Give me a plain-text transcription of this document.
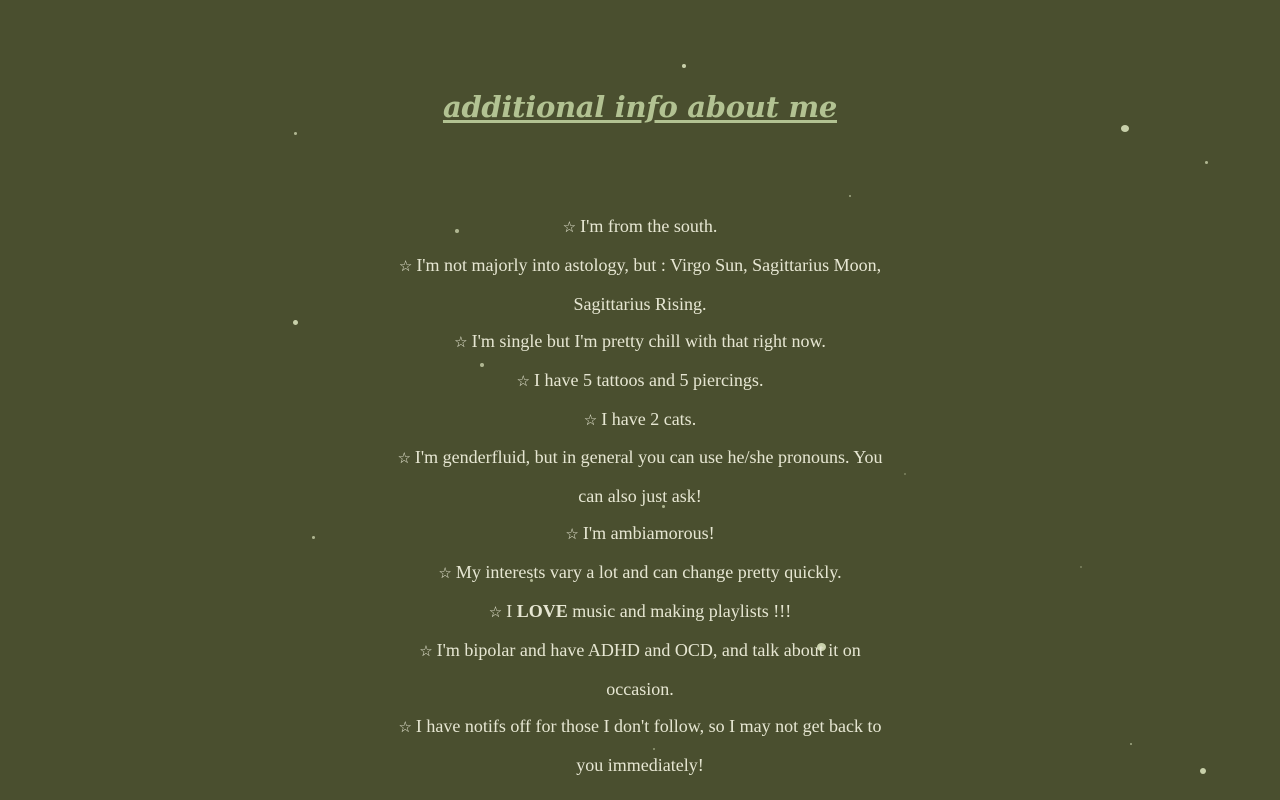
additional info about me
☆ I'm from the south.
☆ I'm not majorly into astology, but : Virgo Sun, Sagittarius Moon, Sagittarius Rising.
☆ I'm single but I'm pretty chill with that right now.
☆ I have 5 tattoos and 5 piercings.
☆ I have 2 cats.
☆ I'm genderfluid, but in general you can use he/she pronouns. You can also just ask!
☆ I'm ambiamorous!
☆ My interests vary a lot and can change pretty quickly.
☆ I LOVE music and making playlists !!!
☆ I'm bipolar and have ADHD and OCD, and talk about it on occasion.
☆ I have notifs off for those I don't follow, so I may not get back to you immediately!
